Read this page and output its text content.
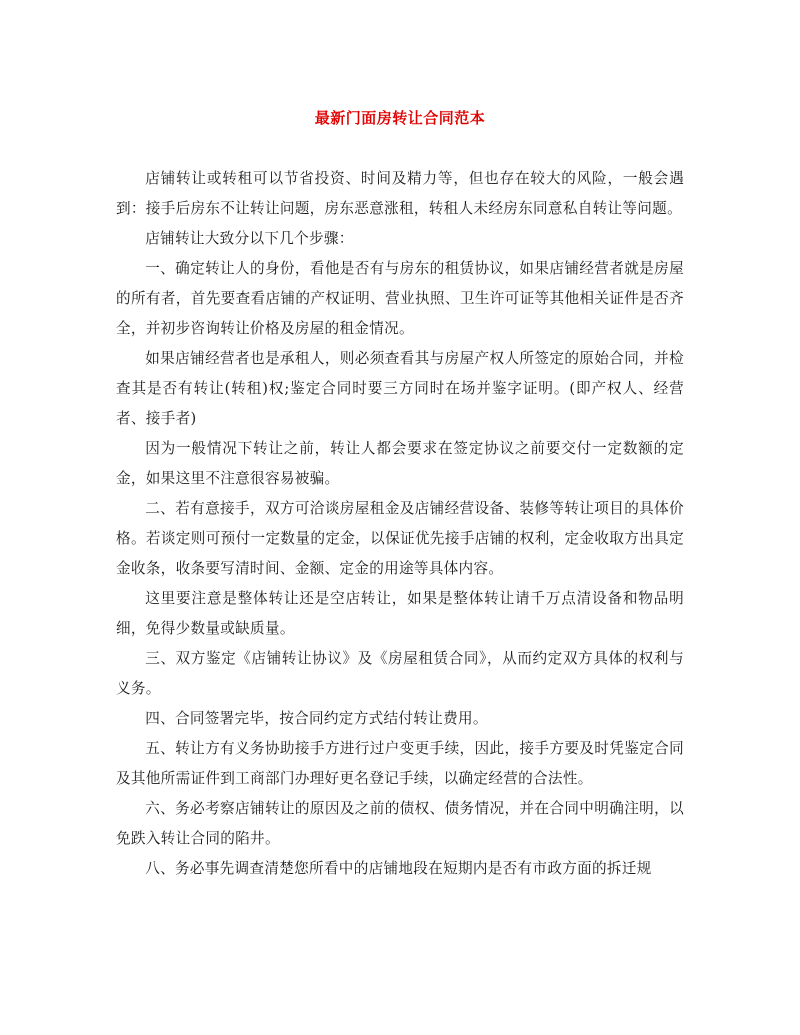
最新门面房转让合同范本

店铺转让或转租可以节省投资、时间及精力等，但也存在较大的风险，一般会遇到：接手后房东不让转让问题，房东恶意涨租，转租人未经房东同意私自转让等问题。

店铺转让大致分以下几个步骤：

一、确定转让人的身份，看他是否有与房东的租赁协议，如果店铺经营者就是房屋的所有者，首先要查看店铺的产权证明、营业执照、卫生许可证等其他相关证件是否齐全，并初步咨询转让价格及房屋的租金情况。

如果店铺经营者也是承租人，则必须查看其与房屋产权人所签定的原始合同，并检查其是否有转让(转租)权;鉴定合同时要三方同时在场并鉴字证明。(即产权人、经营者、接手者)

因为一般情况下转让之前，转让人都会要求在签定协议之前要交付一定数额的定金，如果这里不注意很容易被骗。

二、若有意接手，双方可洽谈房屋租金及店铺经营设备、装修等转让项目的具体价格。若谈定则可预付一定数量的定金，以保证优先接手店铺的权利，定金收取方出具定金收条，收条要写清时间、金额、定金的用途等具体内容。

这里要注意是整体转让还是空店转让，如果是整体转让请千万点清设备和物品明细，免得少数量或缺质量。

三、双方鉴定《店铺转让协议》及《房屋租赁合同》，从而约定双方具体的权利与义务。

四、合同签署完毕，按合同约定方式结付转让费用。

五、转让方有义务协助接手方进行过户变更手续，因此，接手方要及时凭鉴定合同及其他所需证件到工商部门办理好更名登记手续，以确定经营的合法性。

六、务必考察店铺转让的原因及之前的债权、债务情况，并在合同中明确注明，以免跌入转让合同的陷井。

八、务必事先调查清楚您所看中的店铺地段在短期内是否有市政方面的拆迁规
